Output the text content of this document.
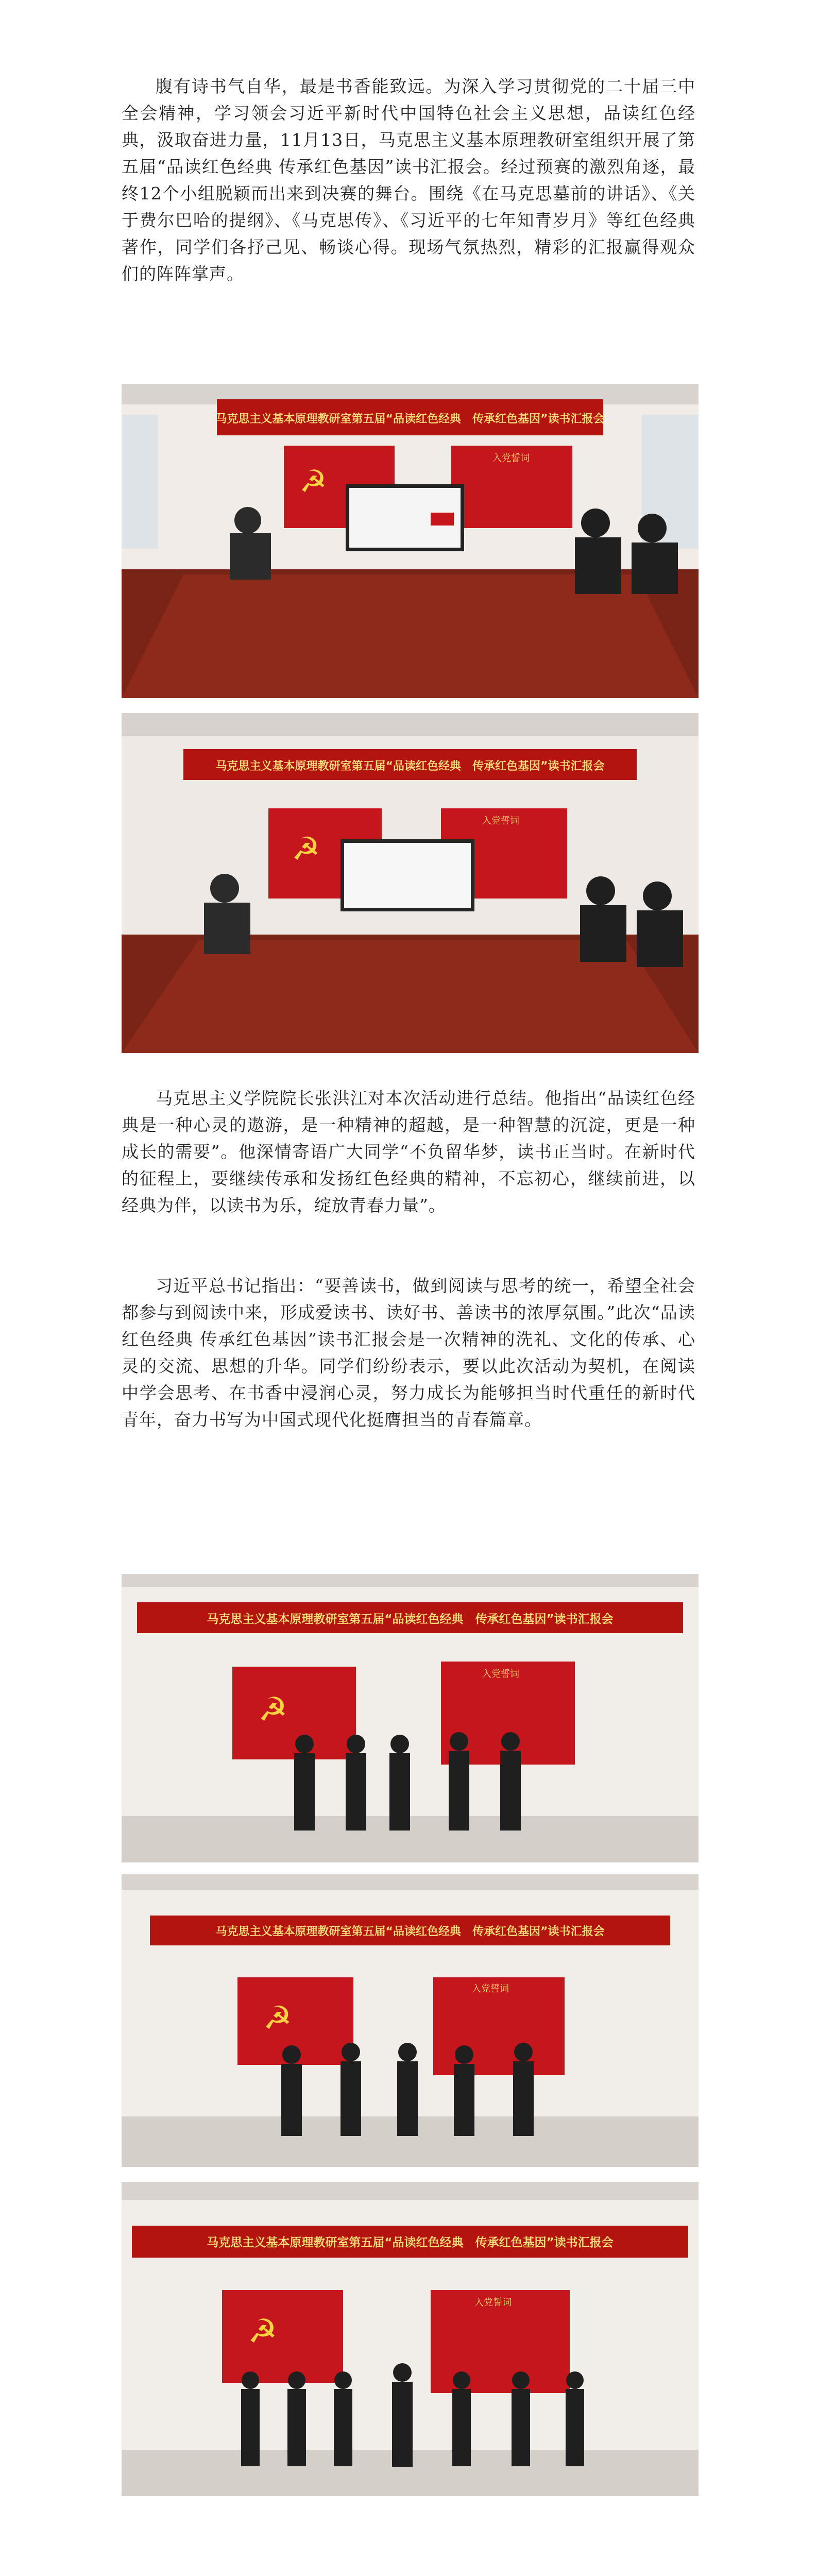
腹有诗书气自华，最是书香能致远。为深入学习贯彻党的二十届三中全会精神，学习领会习近平新时代中国特色社会主义思想，品读红色经典，汲取奋进力量，11月13日，马克思主义基本原理教研室组织开展了第五届“品读红色经典 传承红色基因”读书汇报会。经过预赛的激烈角逐，最终12个小组脱颖而出来到决赛的舞台。围绕《在马克思墓前的讲话》、《关于费尔巴哈的提纲》、《马克思传》、《习近平的七年知青岁月》等红色经典著作，同学们各抒己见、畅谈心得。现场气氛热烈，精彩的汇报赢得观众们的阵阵掌声。

马克思主义基本原理教研室第五届“品读红色经典　传承红色基因”读书汇报会
☭
入党誓词
马克思主义基本原理教研室第五届“品读红色经典　传承红色基因”读书汇报会
☭
入党誓词

马克思主义学院院长张洪江对本次活动进行总结。他指出“品读红色经典是一种心灵的遨游，是一种精神的超越，是一种智慧的沉淀，更是一种成长的需要”。他深情寄语广大同学“不负留华梦，读书正当时。在新时代的征程上，要继续传承和发扬红色经典的精神，不忘初心，继续前进，以经典为伴，以读书为乐，绽放青春力量”。

习近平总书记指出：“要善读书，做到阅读与思考的统一，希望全社会都参与到阅读中来，形成爱读书、读好书、善读书的浓厚氛围。”此次“品读红色经典 传承红色基因”读书汇报会是一次精神的洗礼、文化的传承、心灵的交流、思想的升华。同学们纷纷表示，要以此次活动为契机，在阅读中学会思考、在书香中浸润心灵，努力成长为能够担当时代重任的新时代青年，奋力书写为中国式现代化挺膺担当的青春篇章。

马克思主义基本原理教研室第五届“品读红色经典　传承红色基因”读书汇报会
☭
入党誓词
马克思主义基本原理教研室第五届“品读红色经典　传承红色基因”读书汇报会
☭
入党誓词
马克思主义基本原理教研室第五届“品读红色经典　传承红色基因”读书汇报会
☭
入党誓词
